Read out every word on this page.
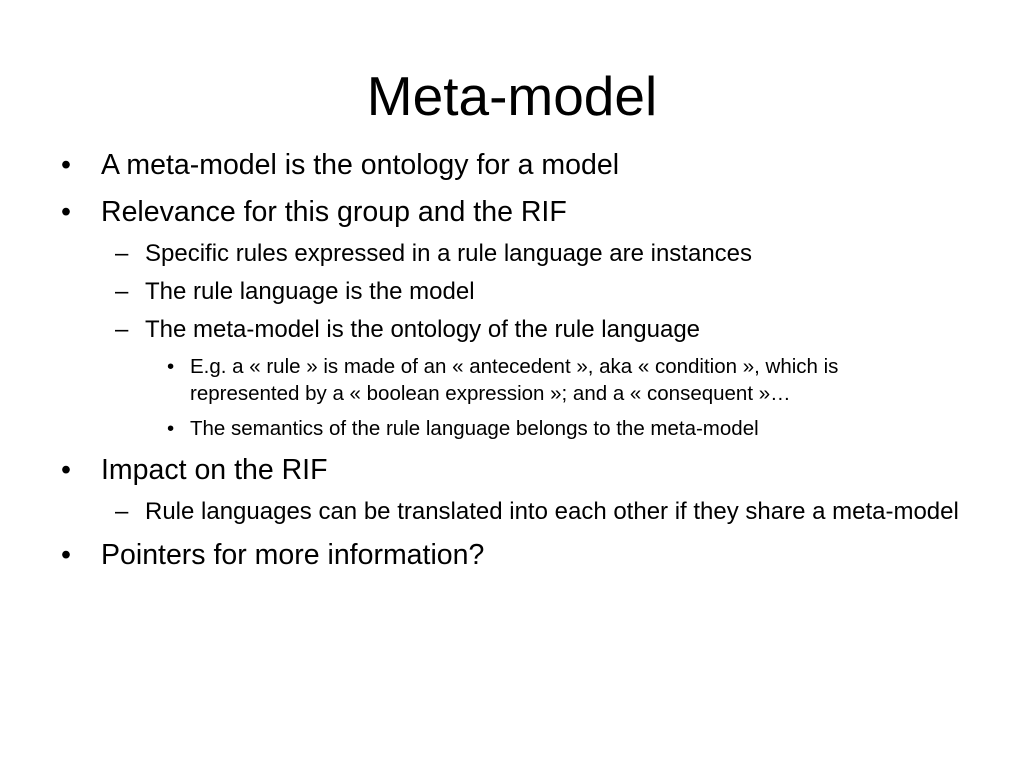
Meta-model
• A meta-model is the ontology for a model
• Relevance for this group and the RIF
– Specific rules expressed in a rule language are instances
– The rule language is the model
– The meta-model is the ontology of the rule language
• E.g. a « rule » is made of an « antecedent », aka « condition », which is represented by a « boolean expression »; and a « consequent »…
• The semantics of the rule language belongs to the meta-model
• Impact on the RIF
– Rule languages can be translated into each other if they share a meta-model
• Pointers for more information?
